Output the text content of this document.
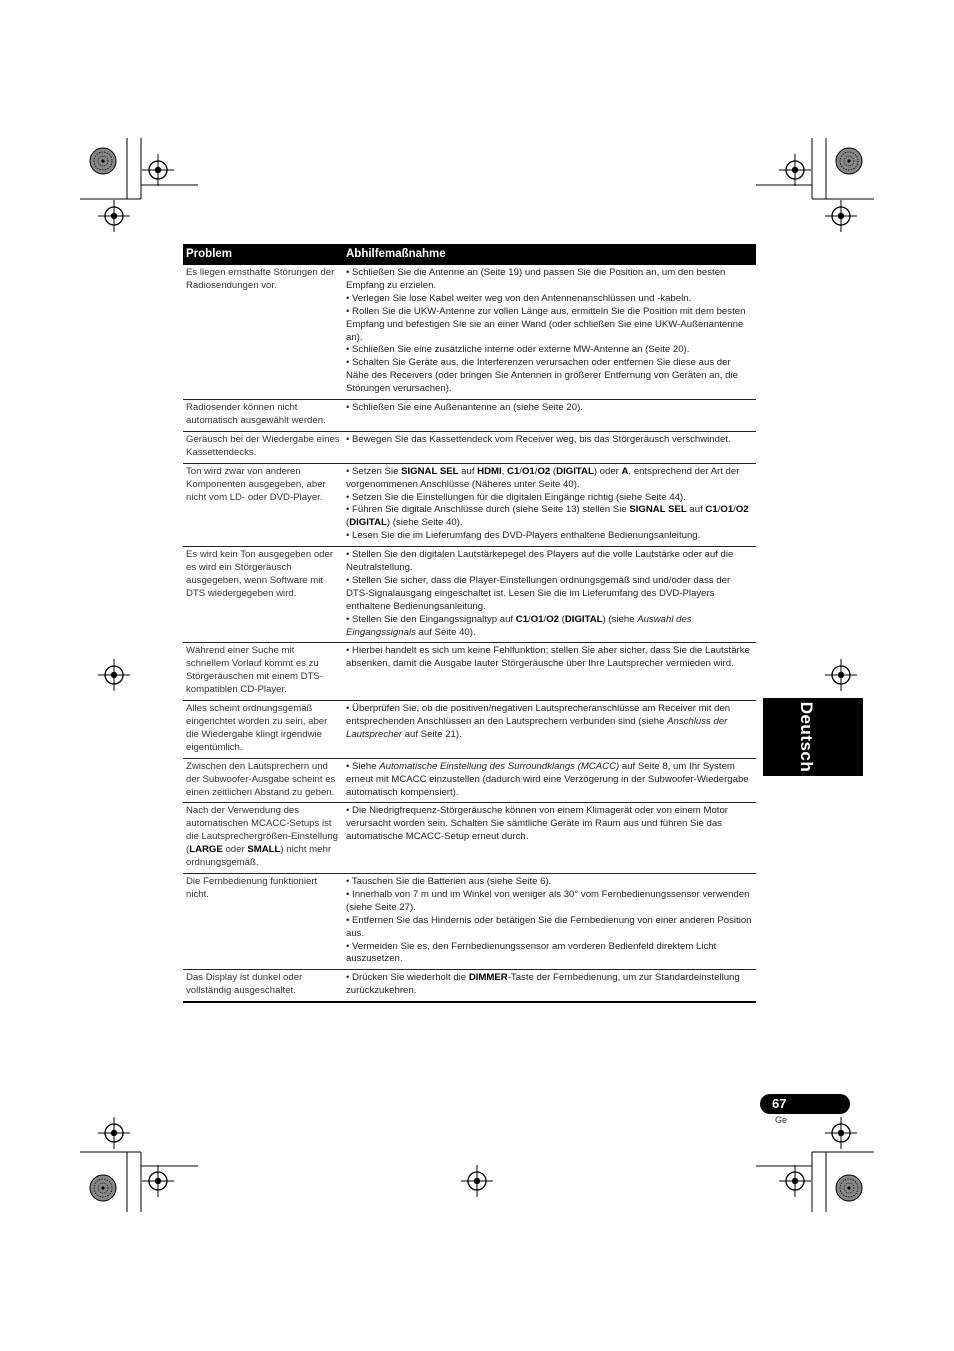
Problem	Abhilfemaßnahme
Es liegen ernsthafte Störungen der Radiosendungen vor.	• Schließen Sie die Antenne an (Seite 19) und passen Sie die Position an, um den besten Empfang zu erzielen.
• Verlegen Sie lose Kabel weiter weg von den Antennenanschlüssen und -kabeln.
• Rollen Sie die UKW-Antenne zur vollen Länge aus, ermitteln Sie die Position mit dem besten Empfang und befestigen Sie sie an einer Wand (oder schließen Sie eine UKW-Außenantenne an).
• Schließen Sie eine zusätzliche interne oder externe MW-Antenne an (Seite 20).
• Schalten Sie Geräte aus, die Interferenzen verursachen oder entfernen Sie diese aus der Nähe des Receivers (oder bringen Sie Antennen in größerer Entfernung von Geräten an, die Störungen verursachen).

Radiosender können nicht automatisch ausgewählt werden.	• Schließen Sie eine Außenantenne an (siehe Seite 20).

Geräusch bei der Wiedergabe eines Kassettendecks.	• Bewegen Sie das Kassettendeck vom Receiver weg, bis das Störgeräusch verschwindet.

Ton wird zwar von anderen Komponenten ausgegeben, aber nicht vom LD- oder DVD-Player.	• Setzen Sie SIGNAL SEL auf HDMI, C1/O1/O2 (DIGITAL) oder A, entsprechend der Art der vorgenommenen Anschlüsse (Näheres unter Seite 40).
• Setzen Sie die Einstellungen für die digitalen Eingänge richtig (siehe Seite 44).
• Führen Sie digitale Anschlüsse durch (siehe Seite 13) stellen Sie SIGNAL SEL auf C1/O1/O2 (DIGITAL) (siehe Seite 40).
• Lesen Sie die im Lieferumfang des DVD-Players enthaltene Bedienungsanleitung.

Es wird kein Ton ausgegeben oder es wird ein Störgeräusch ausgegeben, wenn Software mit DTS wiedergegeben wird.	• Stellen Sie den digitalen Lautstärkepegel des Players auf die volle Lautstärke oder auf die Neutralstellung.
• Stellen Sie sicher, dass die Player-Einstellungen ordnungsgemäß sind und/oder dass der DTS-Signalausgang eingeschaltet ist. Lesen Sie die im Lieferumfang des DVD-Players enthaltene Bedienungsanleitung.
• Stellen Sie den Eingangssignaltyp auf C1/O1/O2 (DIGITAL) (siehe Auswahl des Eingangssignals auf Seite 40).

Während einer Suche mit schnellem Vorlauf kommt es zu Störgeräuschen mit einem DTS-kompatiblen CD-Player.	• Hierbei handelt es sich um keine Fehlfunktion; stellen Sie aber sicher, dass Sie die Lautstärke absenken, damit die Ausgabe lauter Störgeräusche über Ihre Lautsprecher vermieden wird.

Alles scheint ordnungsgemäß eingerichtet worden zu sein, aber die Wiedergabe klingt irgendwie eigentümlich.	• Überprüfen Sie, ob die positiven/negativen Lautsprecheranschlüsse am Receiver mit den entsprechenden Anschlüssen an den Lautsprechern verbunden sind (siehe Anschluss der Lautsprecher auf Seite 21).

Zwischen den Lautsprechern und der Subwoofer-Ausgabe scheint es einen zeitlichen Abstand zu geben.	• Siehe Automatische Einstellung des Surroundklangs (MCACC) auf Seite 8, um Ihr System erneut mit MCACC einzustellen (dadurch wird eine Verzögerung in der Subwoofer-Wiedergabe automatisch kompensiert).

Nach der Verwendung des automatischen MCACC-Setups ist die Lautsprechergrößen-Einstellung (LARGE oder SMALL) nicht mehr ordnungsgemäß.	• Die Niedrigfrequenz-Störgeräusche können von einem Klimagerät oder von einem Motor verursacht worden sein. Schalten Sie sämtliche Geräte im Raum aus und führen Sie das automatische MCACC-Setup erneut durch.

Die Fernbedienung funktioniert nicht.	• Tauschen Sie die Batterien aus (siehe Seite 6).
• Innerhalb von 7 m und im Winkel von weniger als 30° vom Fernbedienungssensor verwenden (siehe Seite 27).
• Entfernen Sie das Hindernis oder betätigen Sie die Fernbedienung von einer anderen Position aus.
• Vermeiden Sie es, den Fernbedienungssensor am vorderen Bedienfeld direktem Licht auszusetzen.

Das Display ist dunkel oder vollständig ausgeschaltet.	• Drücken Sie wiederholt die DIMMER-Taste der Fernbedienung, um zur Standardeinstellung zurückzukehren.
Deutsch
67
Ge
